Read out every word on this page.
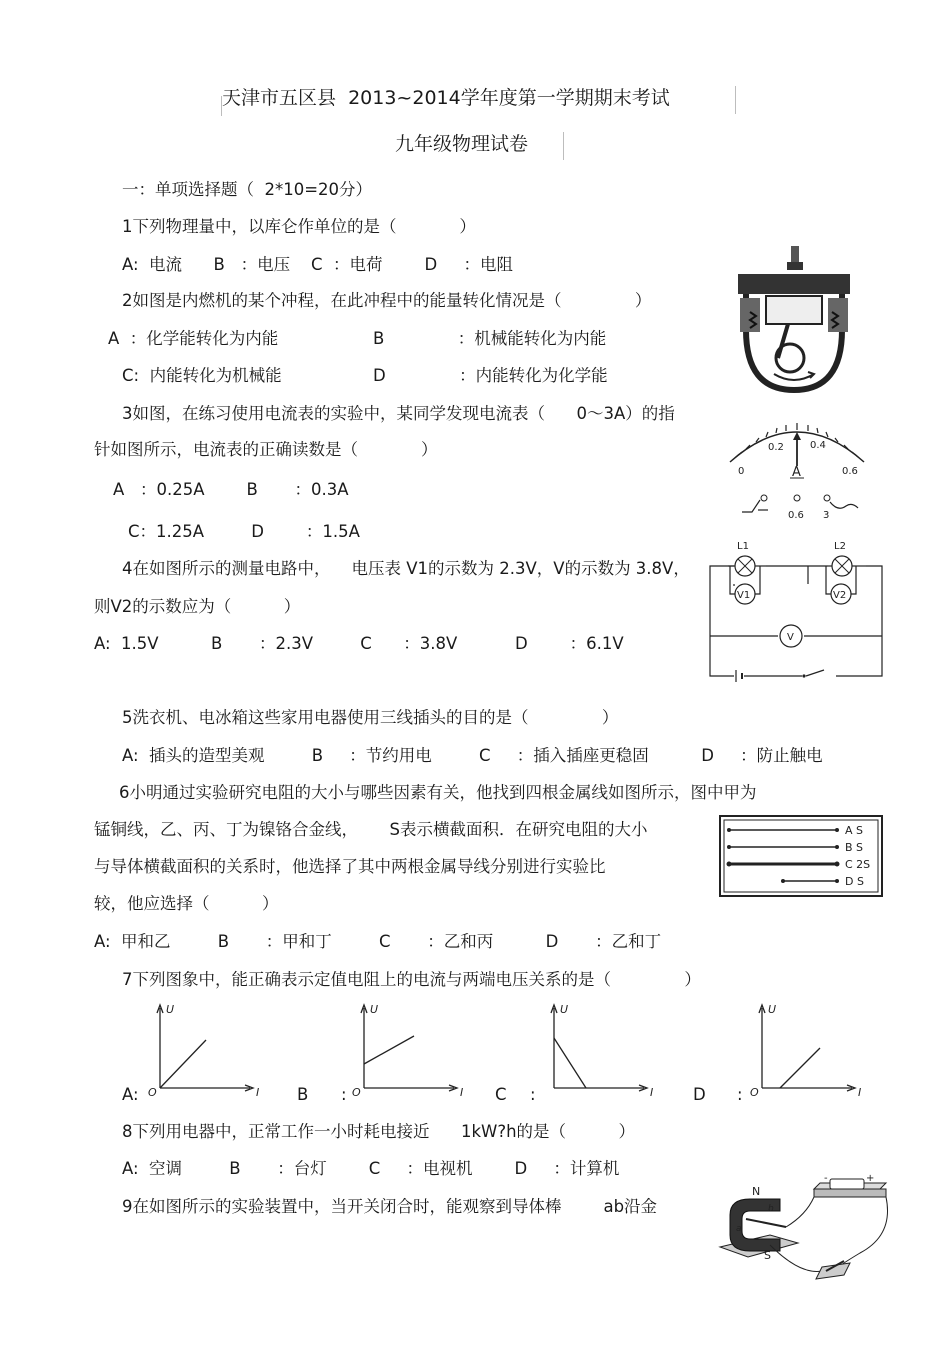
天津市五区县  2013~2014学年度第一学期期末考试
九年级物理试卷
一：单项选择题（  2*10=20分）
1下列物理量中，以库仑作单位的是（            ）
A:  电流      B   ：电压    C  ：电荷        D     ：电阻
2如图是内燃机的某个冲程，在此冲程中的能量转化情况是（              ）
A  ：化学能转化为内能	B              ：机械能转化为内能
C:  内能转化为机械能	D              ：内能转化为化学能
3如图，在练习使用电流表的实验中，某同学发现电流表（      0～3A）的指
针如图所示，电流表的正确读数是（            ）
A   ：0.25A        B       ：0.3A
C：1.25A         D        ：1.5A
0
0.2	0.4
0.6
A
0.6 3
4在如图所示的测量电路中，    电压表 V1的示数为 2.3V，V的示数为 3.8V，
则V2的示数应为（          ）
A:  1.5V          B       ：2.3V         C      ：3.8V           D        ：6.1V
L1	L2
V1	V2
V
5洗衣机、电冰箱这些家用电器使用三线插头的目的是（              ）
A:  插头的造型美观         B     ：节约用电         C     ：插入插座更稳固          D     ：防止触电
6小明通过实验研究电阻的大小与哪些因素有关，他找到四根金属线如图所示，图中甲为
锰铜线，乙、丙、丁为镍铬合金线，      S表示横截面积．在研究电阻的大小
与导体横截面积的关系时，他选择了其中两根金属导线分别进行实验比
较，他应选择（          ）
A:  甲和乙         B       ：甲和丁         C       ：乙和丙          D       ：乙和丁
A S
B S
C 2S
D S
7下列图象中，能正确表示定值电阻上的电流与两端电压关系的是（              ）
A:	B :	C :	D :
U
I
O
U
I
O
U
I
U
I
O
8下列用电器中，正常工作一小时耗电接近      1kW?h的是（          ）
A:  空调         B       ：台灯        C     ：电视机        D     ：计算机
9在如图所示的实验装置中，当开关闭合时，能观察到导体棒        ab沿金
-	+
N
S
a
b
